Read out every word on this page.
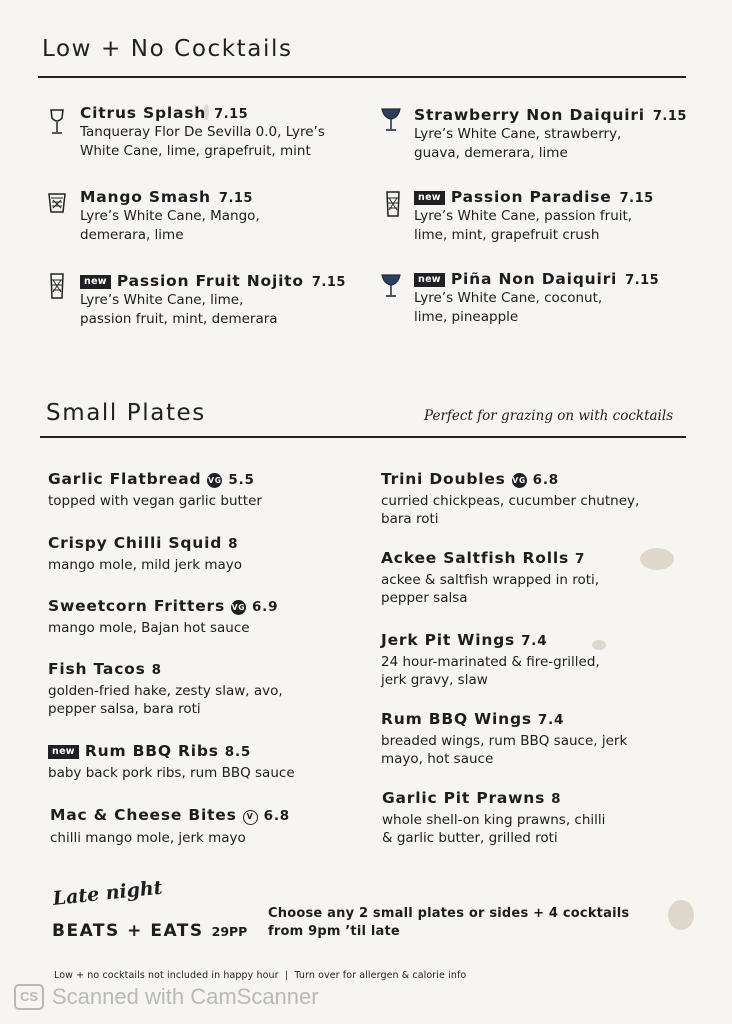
Low + No Cocktails
Citrus Splash 7.15
Tanqueray Flor De Sevilla 0.0, Lyre’s
White Cane, lime, grapefruit, mint
Mango Smash 7.15
Lyre’s White Cane, Mango,
demerara, lime
new Passion Fruit Nojito 7.15
Lyre’s White Cane, lime,
passion fruit, mint, demerara
Strawberry Non Daiquiri 7.15
Lyre’s White Cane, strawberry,
guava, demerara, lime
new Passion Paradise 7.15
Lyre’s White Cane, passion fruit,
lime, mint, grapefruit crush
new Piña Non Daiquiri 7.15
Lyre’s White Cane, coconut,
lime, pineapple
Small Plates	Perfect for grazing on with cocktails
Garlic Flatbread VG 5.5
topped with vegan garlic butter
Crispy Chilli Squid 8
mango mole, mild jerk mayo
Sweetcorn Fritters VG 6.9
mango mole, Bajan hot sauce
Fish Tacos 8
golden-fried hake, zesty slaw, avo,
pepper salsa, bara roti
new Rum BBQ Ribs 8.5
baby back pork ribs, rum BBQ sauce
Mac & Cheese Bites V 6.8
chilli mango mole, jerk mayo
Trini Doubles VG 6.8
curried chickpeas, cucumber chutney,
bara roti
Ackee Saltfish Rolls 7
ackee & saltfish wrapped in roti,
pepper salsa
Jerk Pit Wings 7.4
24 hour-marinated & fire-grilled,
jerk gravy, slaw
Rum BBQ Wings 7.4
breaded wings, rum BBQ sauce, jerk
mayo, hot sauce
Garlic Pit Prawns 8
whole shell-on king prawns, chilli
& garlic butter, grilled roti
Late night
BEATS + EATS 29PP
Choose any 2 small plates or sides + 4 cocktails
from 9pm ’til late
Low + no cocktails not included in happy hour  |  Turn over for allergen & calorie info
CS Scanned with CamScanner
